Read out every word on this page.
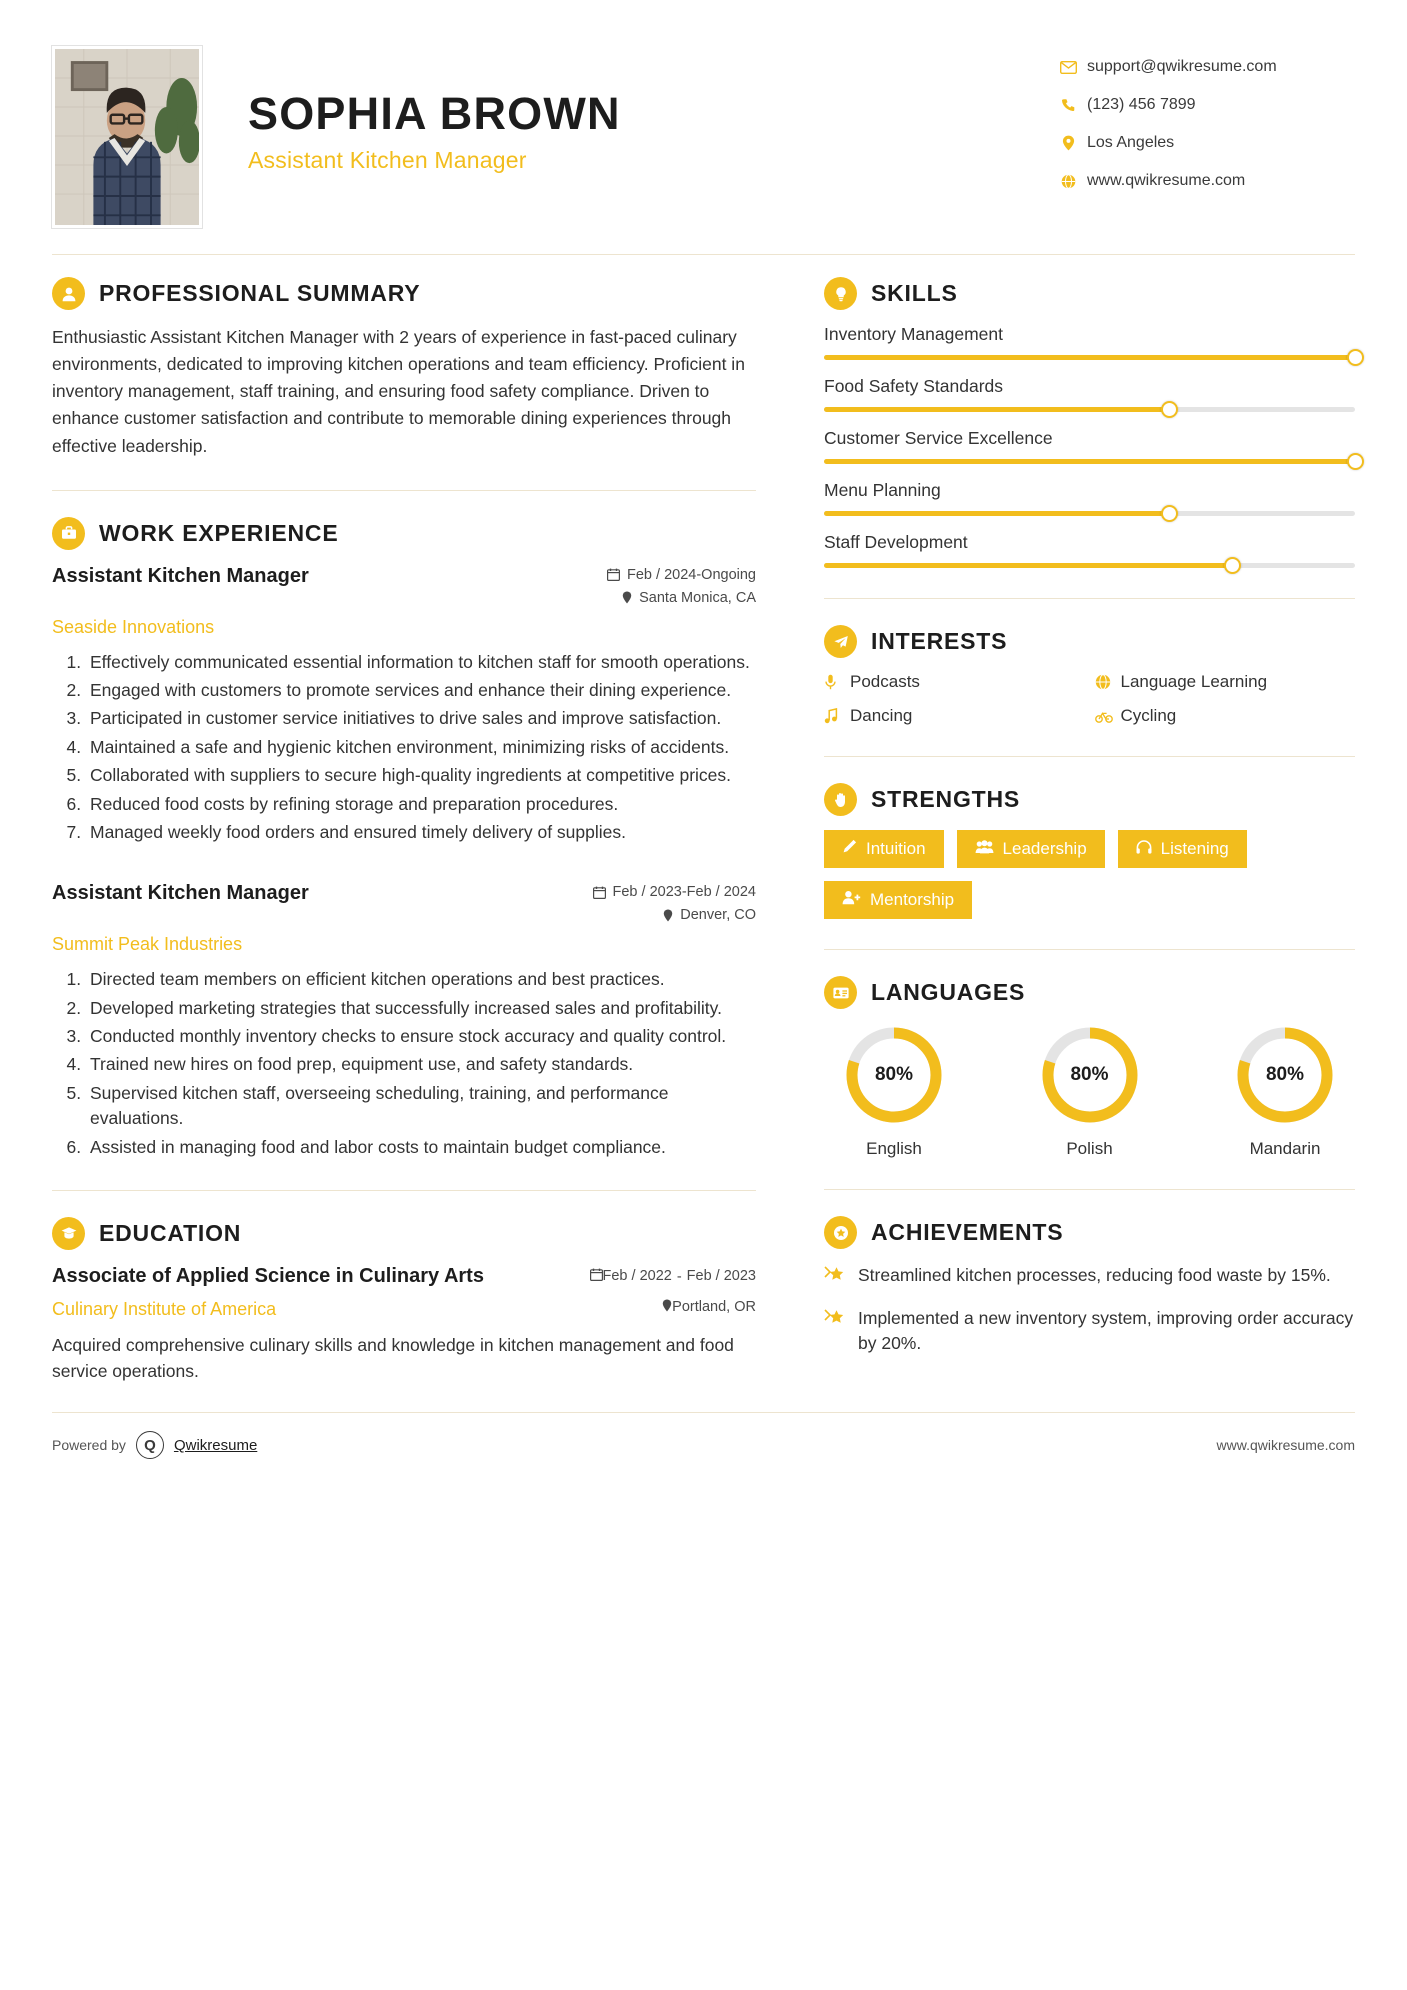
SOPHIA BROWN
Assistant Kitchen Manager
support@qwikresume.com
(123) 456 7899
Los Angeles
www.qwikresume.com
PROFESSIONAL SUMMARY
Enthusiastic Assistant Kitchen Manager with 2 years of experience in fast-paced culinary environments, dedicated to improving kitchen operations and team efficiency. Proficient in inventory management, staff training, and ensuring food safety compliance. Driven to enhance customer satisfaction and contribute to memorable dining experiences through effective leadership.
WORK EXPERIENCE
Assistant Kitchen Manager	Feb / 2024-Ongoing
Santa Monica, CA
Seaside Innovations
1. Effectively communicated essential information to kitchen staff for smooth operations.
2. Engaged with customers to promote services and enhance their dining experience.
3. Participated in customer service initiatives to drive sales and improve satisfaction.
4. Maintained a safe and hygienic kitchen environment, minimizing risks of accidents.
5. Collaborated with suppliers to secure high-quality ingredients at competitive prices.
6. Reduced food costs by refining storage and preparation procedures.
7. Managed weekly food orders and ensured timely delivery of supplies.
Assistant Kitchen Manager	Feb / 2023-Feb / 2024
Denver, CO
Summit Peak Industries
1. Directed team members on efficient kitchen operations and best practices.
2. Developed marketing strategies that successfully increased sales and profitability.
3. Conducted monthly inventory checks to ensure stock accuracy and quality control.
4. Trained new hires on food prep, equipment use, and safety standards.
5. Supervised kitchen staff, overseeing scheduling, training, and performance evaluations.
6. Assisted in managing food and labor costs to maintain budget compliance.
EDUCATION
Associate of Applied Science in Culinary Arts	Feb / 2022 - Feb / 2023
Culinary Institute of America	Portland, OR
Acquired comprehensive culinary skills and knowledge in kitchen management and food service operations.
SKILLS
Inventory Management
Food Safety Standards
Customer Service Excellence
Menu Planning
Staff Development
INTERESTS
Podcasts	Language Learning
Dancing	Cycling
STRENGTHS
Intuition	Leadership	Listening
Mentorship
LANGUAGES
80%
English
80%
Polish
80%
Mandarin
ACHIEVEMENTS
Streamlined kitchen processes, reducing food waste by 15%.
Implemented a new inventory system, improving order accuracy by 20%.
Powered by	Q	Qwikresume	www.qwikresume.com
